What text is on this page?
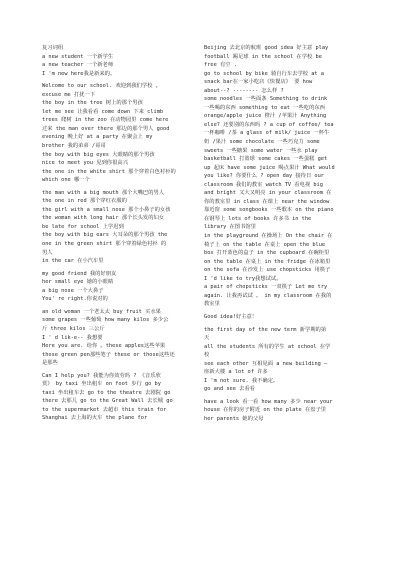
复习词组
a new student 一个新学生
a new teacher 一个新老师
I 'm new here我是新来的。
Welcome to our school. 欢迎到我们学校 。
excuse me 打扰一下
the boy in the tree 树上的那个男孩
let me see 让我看看 come down 下来 climb
trees 爬树 in the zoo 在动物园里 come here
过来 the man over there 那边的那个男人 good
evening 晚上好 at a party 在聚会上 my
brother 我的弟弟 /哥哥
the boy with big eyes 大眼睛的那个男孩
nice to meet you 见到你很高兴
the one in the white shirt 那个穿着白色衬衫的
which one 哪一个
the man with a big mouth 那个大嘴巴的男人
the one in red 那个穿红衣服的
the girl with a small nose 那个小鼻子的女孩
the woman with long hair 那个长头发的妇女
be late for school 上学迟到
the boy with big ears 大耳朵的那个男孩 the
one in the green shirt 那个穿着绿色衬衫 的
男人
in the car 在小汽车里
my good friend 我的好朋友
her small eye 她的小眼睛
a big nose 一个大鼻子
You' re right.你说对的
an old woman 一个老太太 buy fruit 买水果
some grapes 一些葡萄 how many kilos 多少公
斤 three kilos 三公斤
I ' d lik-e-- 我想要
Here you are. 给你 。these apples这些苹果
those green pen那些笔子 these or those这些还
是那些
Can I help you? 我能为你效劳吗 ? 《音乐欣
赏》 by taxi 坐出租车 on foot 步行 go by
taxi 坐出租车去 go to the theatre 去剧院 go
there 去那儿 go to the Great Wall 去长城 go
to the supermarket 去超市 this train for
Shanghai 去上海的火车 the plane for
Beijing 去北京的航班 good idea 好主意 play
football 踢足球 in the school 在学校 be
free 有空 .
go to school by bike 骑自行车去学校 at a
snack bar在一家小吃店《快餐店》 要 how
about--? -------- 怎么样 ?
some noodles 一些面条 Something to drink
一些喝的东西 something to eat 一些吃的东西
orange/apple juice 橙汁 /苹果汁 Anything
else? 还要别的东西吗 ? a cup of coffee/ tea
一杯咖啡 /茶 a glass of milk/ juice 一杯牛
奶 /果汁 some chocolate 一些巧克力 some
sweets 一些糖果 some water 一些水 play
basketball 打篮球 some cakes 一些蛋糕 get
up 起床 have some juice 喝点果汁 What would
you like? 你要什么 ? open day 接待日 our
classroom 我们的教室 watch TV 看电视 big
and bright 又大又明亮 in your classroom 在
你的教室里 in class 在课上 near the window
靠近窗 some songbooks 一些歌本 on the piano
在钢琴上 lots of books 许多书 in the
library 在图书馆里
in the playground 在操场上 On the chair 在
椅子上 on the table 在桌上 open the blue
box 打开蓝色的盒子 in the cupboard 在碗柜里
on the table 在桌上 in the fridge 在冰箱里
on the sofa 在沙发上 use chopsticks 用筷子
I 'd like to try我想试试。
a pair of chopsticks 一双筷子 Let me try
again. 让我再试试 。 in my classroom 在我的
教室里
Good idea!好主意！
the first day of the new term 新学期的第
天
all the students 所有的学生 at school 在学
校
see each other 互相见面 a new building —
座新大楼 a lot of 许多
I 'm not sure. 我不确定。
go and see 去看看
have a look 看一看 how many 多少 near your
house 在你的房子附近 on the plate 在盘子里
her parents 她的父母
